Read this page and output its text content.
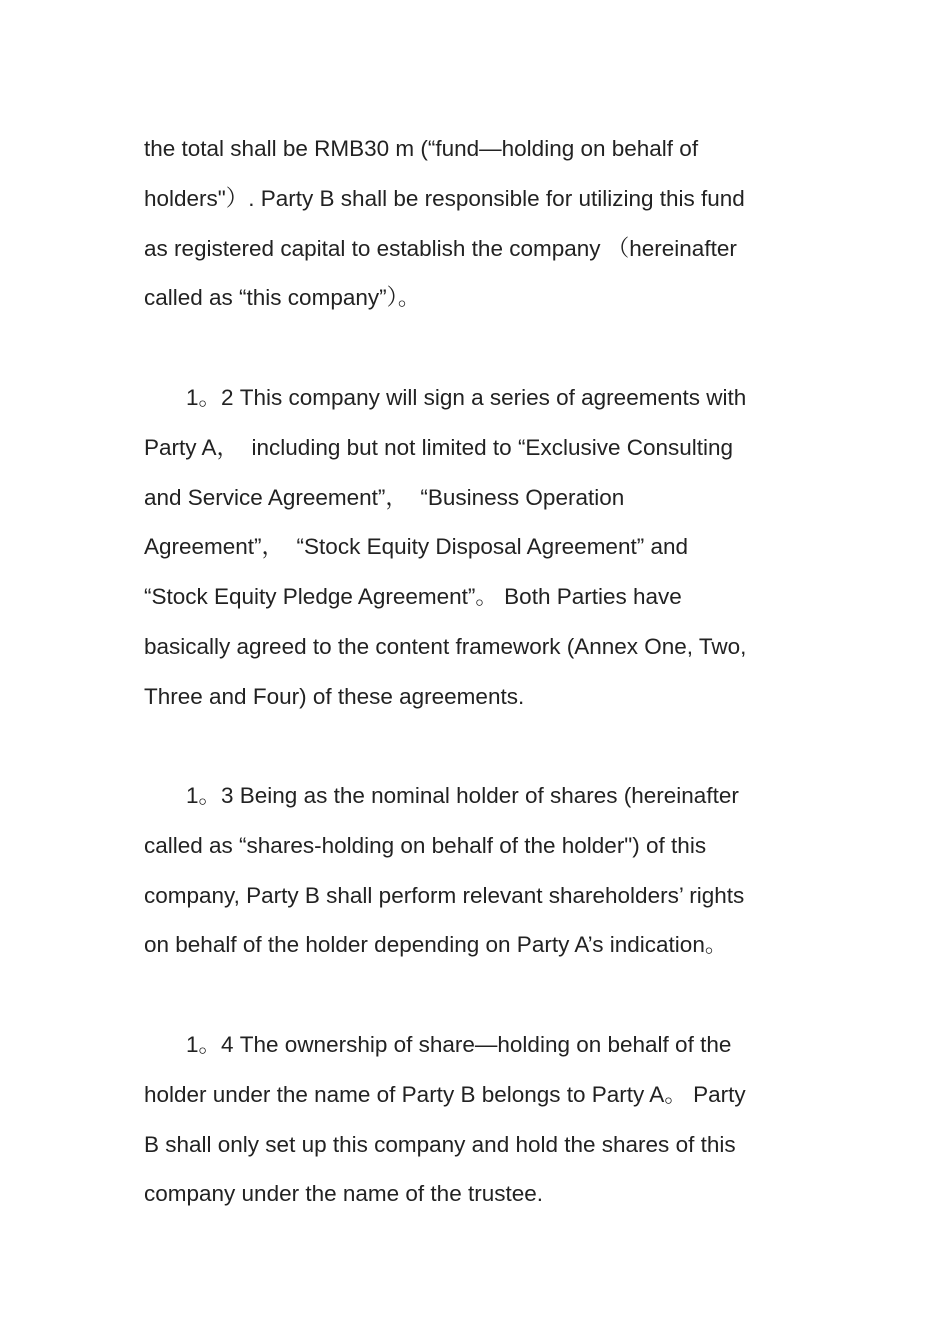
the total shall be RMB30 m (“fund—holding on behalf of
holders"）. Party B shall be responsible for utilizing this fund
as registered capital to establish the company （hereinafter
called as “this company”）。
1。2 This company will sign a series of agreements with
Party A，  including but not limited to “Exclusive Consulting
and Service Agreement”，  “Business Operation
Agreement”，  “Stock Equity Disposal Agreement” and
“Stock Equity Pledge Agreement”。 Both Parties have
basically agreed to the content framework (Annex One, Two,
Three and Four) of these agreements.
1。3 Being as the nominal holder of shares (hereinafter
called as “shares-holding on behalf of the holder") of this
company, Party B shall perform relevant shareholders’ rights
on behalf of the holder depending on Party A’s indication。
1。4 The ownership of share—holding on behalf of the
holder under the name of Party B belongs to Party A。 Party
B shall only set up this company and hold the shares of this
company under the name of the trustee.
